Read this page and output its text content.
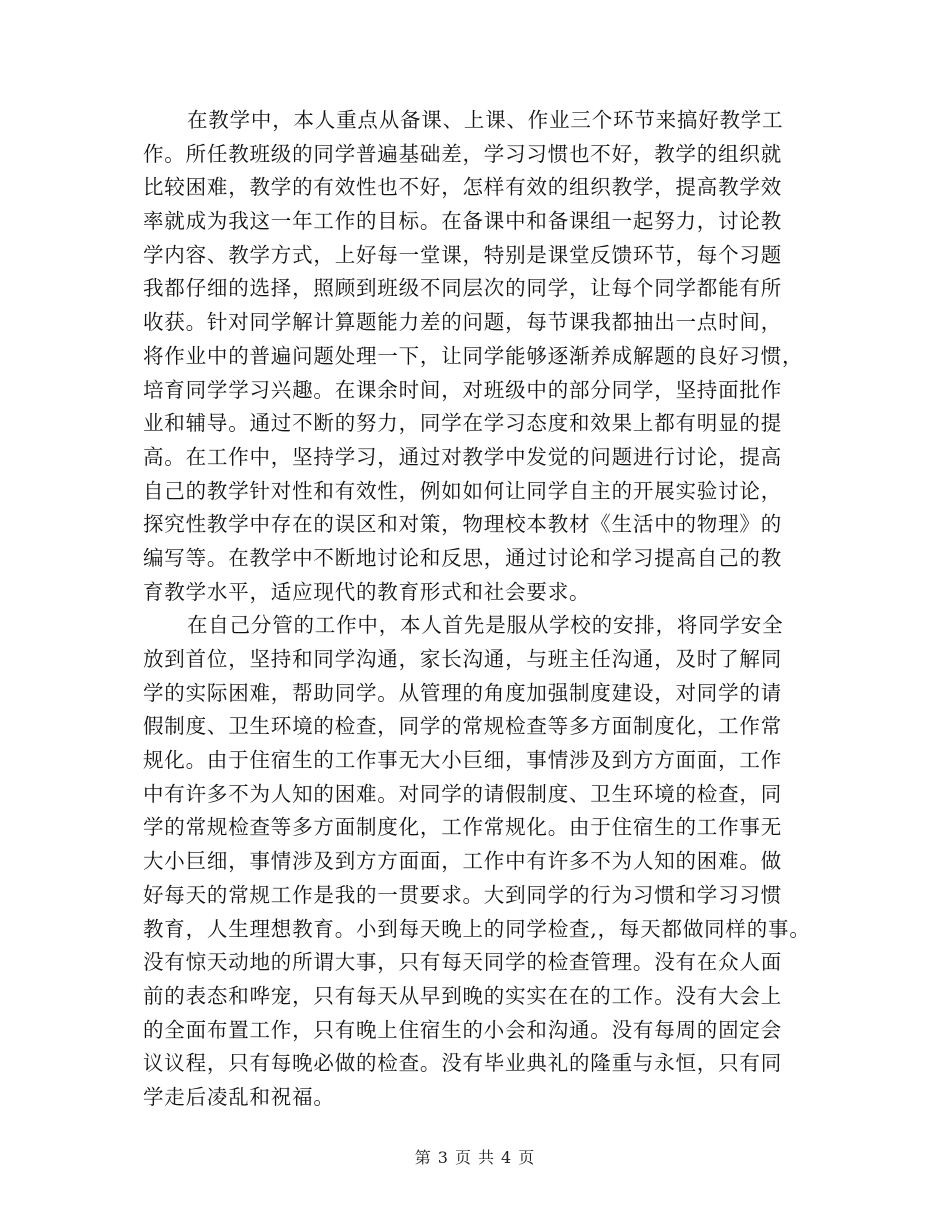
在教学中，本人重点从备课、上课、作业三个环节来搞好教学工
作。所任教班级的同学普遍基础差，学习习惯也不好，教学的组织就
比较困难，教学的有效性也不好，怎样有效的组织教学，提高教学效
率就成为我这一年工作的目标。在备课中和备课组一起努力，讨论教
学内容、教学方式，上好每一堂课，特别是课堂反馈环节，每个习题
我都仔细的选择，照顾到班级不同层次的同学，让每个同学都能有所
收获。针对同学解计算题能力差的问题，每节课我都抽出一点时间，
将作业中的普遍问题处理一下，让同学能够逐渐养成解题的良好习惯，
培育同学学习兴趣。在课余时间，对班级中的部分同学，坚持面批作
业和辅导。通过不断的努力，同学在学习态度和效果上都有明显的提
高。在工作中，坚持学习，通过对教学中发觉的问题进行讨论，提高
自己的教学针对性和有效性，例如如何让同学自主的开展实验讨论，
探究性教学中存在的误区和对策，物理校本教材《生活中的物理》的
编写等。在教学中不断地讨论和反思，通过讨论和学习提高自己的教
育教学水平，适应现代的教育形式和社会要求。
在自己分管的工作中，本人首先是服从学校的安排，将同学安全
放到首位，坚持和同学沟通，家长沟通，与班主任沟通，及时了解同
学的实际困难，帮助同学。从管理的角度加强制度建设，对同学的请
假制度、卫生环境的检查，同学的常规检查等多方面制度化，工作常
规化。由于住宿生的工作事无大小巨细，事情涉及到方方面面，工作
中有许多不为人知的困难。对同学的请假制度、卫生环境的检查，同
学的常规检查等多方面制度化，工作常规化。由于住宿生的工作事无
大小巨细，事情涉及到方方面面，工作中有许多不为人知的困难。做
好每天的常规工作是我的一贯要求。大到同学的行为习惯和学习习惯
教育，人生理想教育。小到每天晚上的同学检查,，每天都做同样的事。
没有惊天动地的所谓大事，只有每天同学的检查管理。没有在众人面
前的表态和哗宠，只有每天从早到晚的实实在在的工作。没有大会上
的全面布置工作，只有晚上住宿生的小会和沟通。没有每周的固定会
议议程，只有每晚必做的检查。没有毕业典礼的隆重与永恒，只有同
学走后凌乱和祝福。
第 3 页 共 4 页
